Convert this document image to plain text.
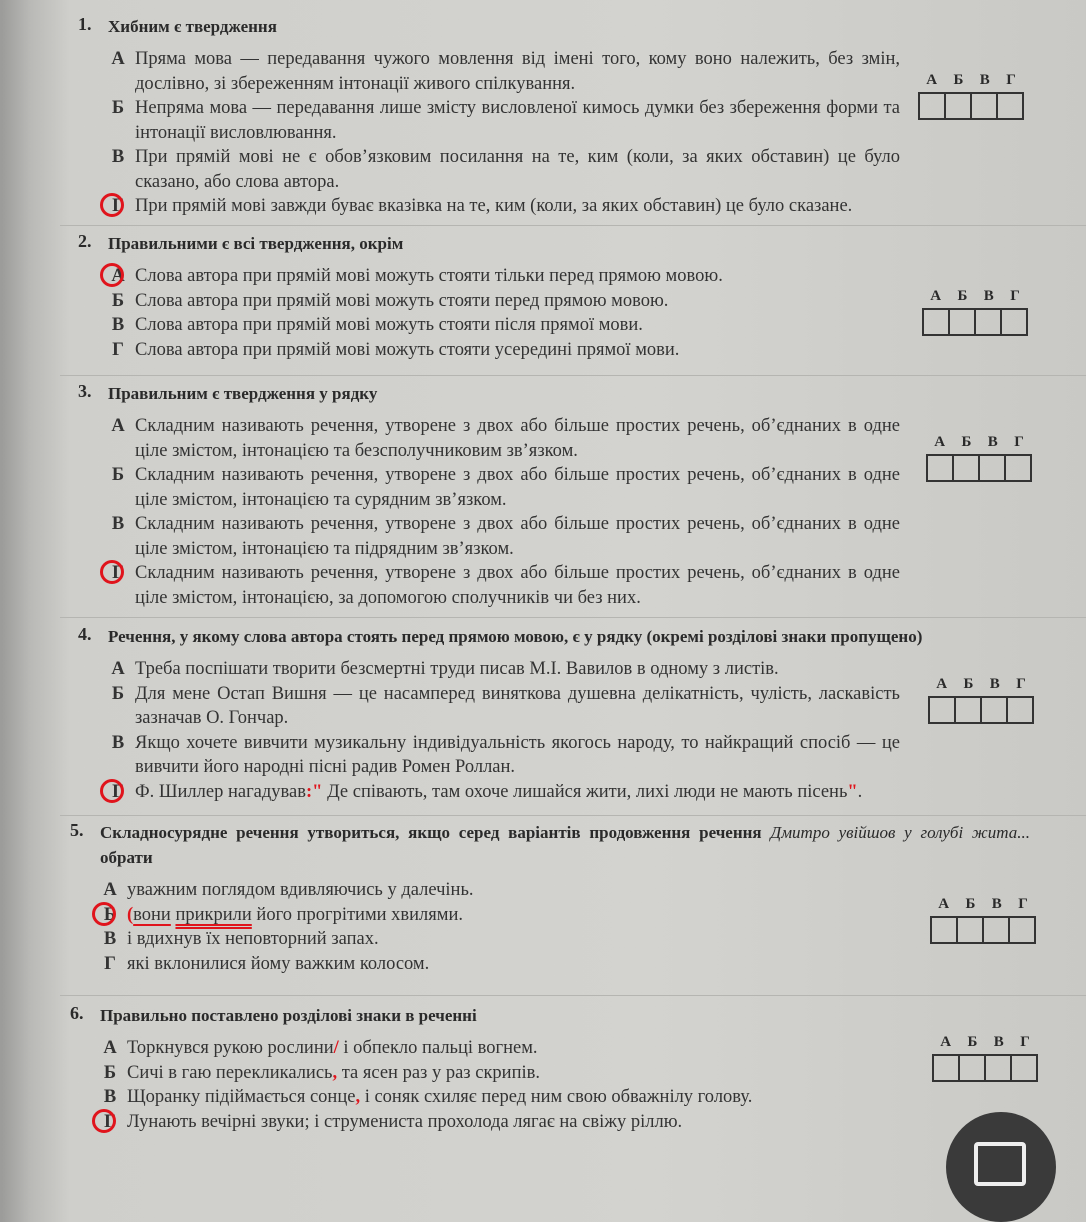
1. Хибним є твердження
А Пряма мова — передавання чужого мовлення від імені того, кому воно належить, без змін, дослівно, зі збереженням інтонації живого спілкування.
Б Непряма мова — передавання лише змісту висловленої кимось думки без збереження форми та інтонації висловлювання.
В При прямій мові не є обов’язковим посилання на те, ким (коли, за яких обставин) це було сказано, або слова автора.
Г При прямій мові завжди буває вказівка на те, ким (коли, за яких обставин) це було сказане.
А Б В Г
2. Правильними є всі твердження, окрім
А Слова автора при прямій мові можуть стояти тільки перед прямою мовою.
Б Слова автора при прямій мові можуть стояти перед прямою мовою.
В Слова автора при прямій мові можуть стояти після прямої мови.
Г Слова автора при прямій мові можуть стояти усередині прямої мови.
А Б В Г
3. Правильним є твердження у рядку
А Складним називають речення, утворене з двох або більше простих речень, об’єднаних в одне ціле змістом, інтонацією та безсполучниковим зв’язком.
Б Складним називають речення, утворене з двох або більше простих речень, об’єднаних в одне ціле змістом, інтонацією та сурядним зв’язком.
В Складним називають речення, утворене з двох або більше простих речень, об’єднаних в одне ціле змістом, інтонацією та підрядним зв’язком.
Г Складним називають речення, утворене з двох або більше простих речень, об’єднаних в одне ціле змістом, інтонацією, за допомогою сполучників чи без них.
А Б В Г
4. Речення, у якому слова автора стоять перед прямою мовою, є у рядку (окремі розділові знаки пропущено)
А Треба поспішати творити безсмертні труди писав М.І. Вавилов в одному з листів.
Б Для мене Остап Вишня — це насамперед виняткова душевна делікатність, чулість, ласкавість зазначав О. Гончар.
В Якщо хочете вивчити музикальну індивідуальність якогось народу, то найкращий спосіб — це вивчити його народні пісні радив Ромен Роллан.
Г Ф. Шиллер нагадував:" Де співають, там охоче лишайся жити, лихі люди не мають пісень".
А Б В Г
5. Складносурядне речення утвориться, якщо серед варіантів продовження речення Дмитро увійшов у голубі жита... обрати
А уважним поглядом вдивляючись у далечінь.
Б (вони прикрили його прогрітими хвилями.
В і вдихнув їх неповторний запах.
Г які вклонилися йому важким колосом.
А Б В Г
6. Правильно поставлено розділові знаки в реченні
А Торкнувся рукою рослини/ і обпекло пальці вогнем.
Б Сичі в гаю перекликались, та ясен раз у раз скрипів.
В Щоранку підіймається сонце, і соняк схиляє перед ним свою обважнілу голову.
Г Лунають вечірні звуки; і струмениста прохолода лягає на свіжу ріллю.
А Б В Г
